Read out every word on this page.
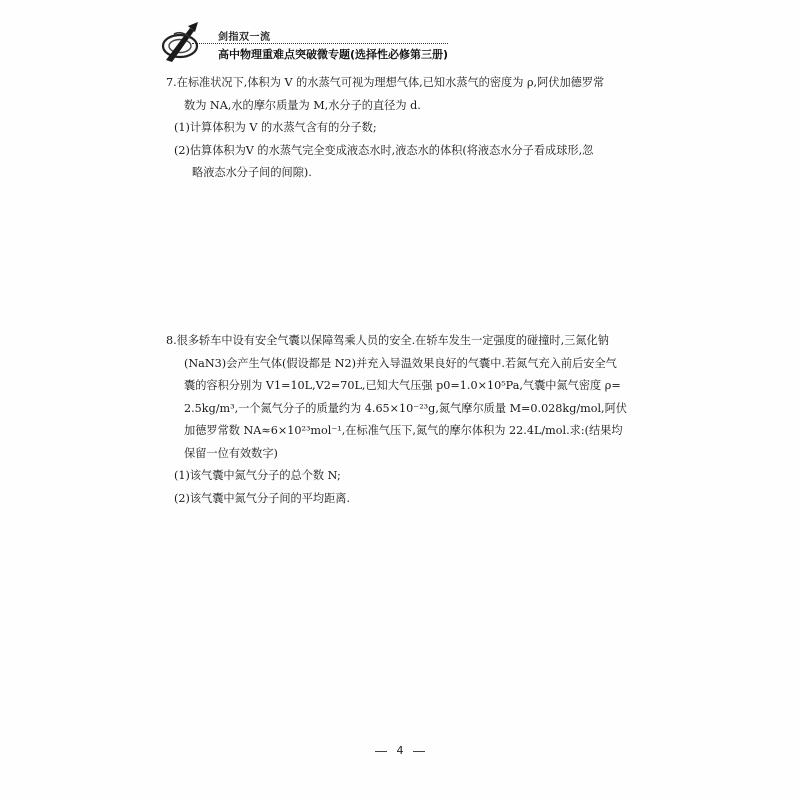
剑指双一流
高中物理重难点突破微专题(选择性必修第三册)

7.在标准状况下,体积为 V 的水蒸气可视为理想气体,已知水蒸气的密度为 ρ,阿伏加德罗常

数为 NA,水的摩尔质量为 M,水分子的直径为 d.

(1)计算体积为 V 的水蒸气含有的分子数;

(2)估算体积为V 的水蒸气完全变成液态水时,液态水的体积(将液态水分子看成球形,忽

略液态水分子间的间隙).

8.很多轿车中设有安全气囊以保障驾乘人员的安全.在轿车发生一定强度的碰撞时,三氮化钠

(NaN3)会产生气体(假设都是 N2)并充入导温效果良好的气囊中.若氮气充入前后安全气

囊的容积分别为 V1=10L,V2=70L,已知大气压强 p0=1.0×10⁵Pa,气囊中氮气密度 ρ=

2.5kg/m³,一个氮气分子的质量约为 4.65×10⁻²³g,氮气摩尔质量 M=0.028kg/mol,阿伏

加德罗常数 NA≈6×10²³mol⁻¹,在标准气压下,氮气的摩尔体积为 22.4L/mol.求:(结果均

保留一位有效数字)

(1)该气囊中氮气分子的总个数 N;

(2)该气囊中氮气分子间的平均距离.

4
